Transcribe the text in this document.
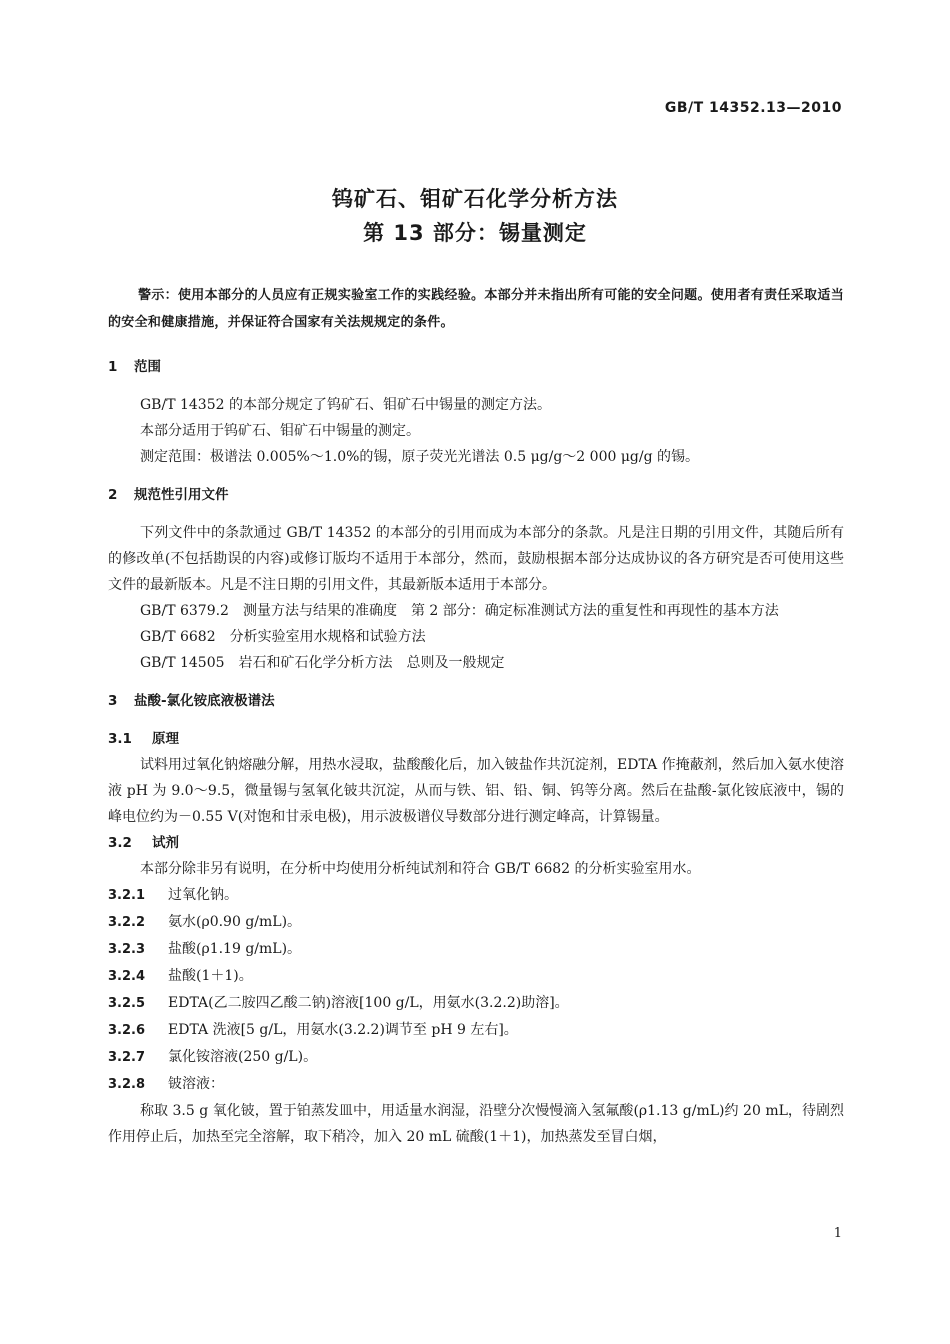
GB/T 14352.13—2010
钨矿石、钼矿石化学分析方法
第 13 部分：锡量测定

警示：使用本部分的人员应有正规实验室工作的实践经验。本部分并未指出所有可能的安全问题。使用者有责任采取适当的安全和健康措施，并保证符合国家有关法规规定的条件。

1 范围

GB/T 14352 的本部分规定了钨矿石、钼矿石中锡量的测定方法。

本部分适用于钨矿石、钼矿石中锡量的测定。

测定范围：极谱法 0.005%～1.0%的锡，原子荧光光谱法 0.5 μg/g～2 000 μg/g 的锡。

2 规范性引用文件

下列文件中的条款通过 GB/T 14352 的本部分的引用而成为本部分的条款。凡是注日期的引用文件，其随后所有的修改单(不包括勘误的内容)或修订版均不适用于本部分，然而，鼓励根据本部分达成协议的各方研究是否可使用这些文件的最新版本。凡是不注日期的引用文件，其最新版本适用于本部分。

GB/T 6379.2　测量方法与结果的准确度　第 2 部分：确定标准测试方法的重复性和再现性的基本方法

GB/T 6682　分析实验室用水规格和试验方法

GB/T 14505　岩石和矿石化学分析方法　总则及一般规定

3 盐酸-氯化铵底液极谱法
3.1 原理

试料用过氧化钠熔融分解，用热水浸取，盐酸酸化后，加入铍盐作共沉淀剂，EDTA 作掩蔽剂，然后加入氨水使溶液 pH 为 9.0～9.5，微量锡与氢氧化铍共沉淀，从而与铁、铝、铅、铜、钨等分离。然后在盐酸-氯化铵底液中，锡的峰电位约为－0.55 V(对饱和甘汞电极)，用示波极谱仪导数部分进行测定峰高，计算锡量。

3.2 试剂

本部分除非另有说明，在分析中均使用分析纯试剂和符合 GB/T 6682 的分析实验室用水。

3.2.1 过氧化钠。

3.2.2 氨水(ρ0.90 g/mL)。

3.2.3 盐酸(ρ1.19 g/mL)。

3.2.4 盐酸(1＋1)。

3.2.5 EDTA(乙二胺四乙酸二钠)溶液[100 g/L，用氨水(3.2.2)助溶]。

3.2.6 EDTA 洗液[5 g/L，用氨水(3.2.2)调节至 pH 9 左右]。

3.2.7 氯化铵溶液(250 g/L)。

3.2.8 铍溶液：

称取 3.5 g 氧化铍，置于铂蒸发皿中，用适量水润湿，沿壁分次慢慢滴入氢氟酸(ρ1.13 g/mL)约 20 mL，待剧烈作用停止后，加热至完全溶解，取下稍冷，加入 20 mL 硫酸(1＋1)，加热蒸发至冒白烟，

1
